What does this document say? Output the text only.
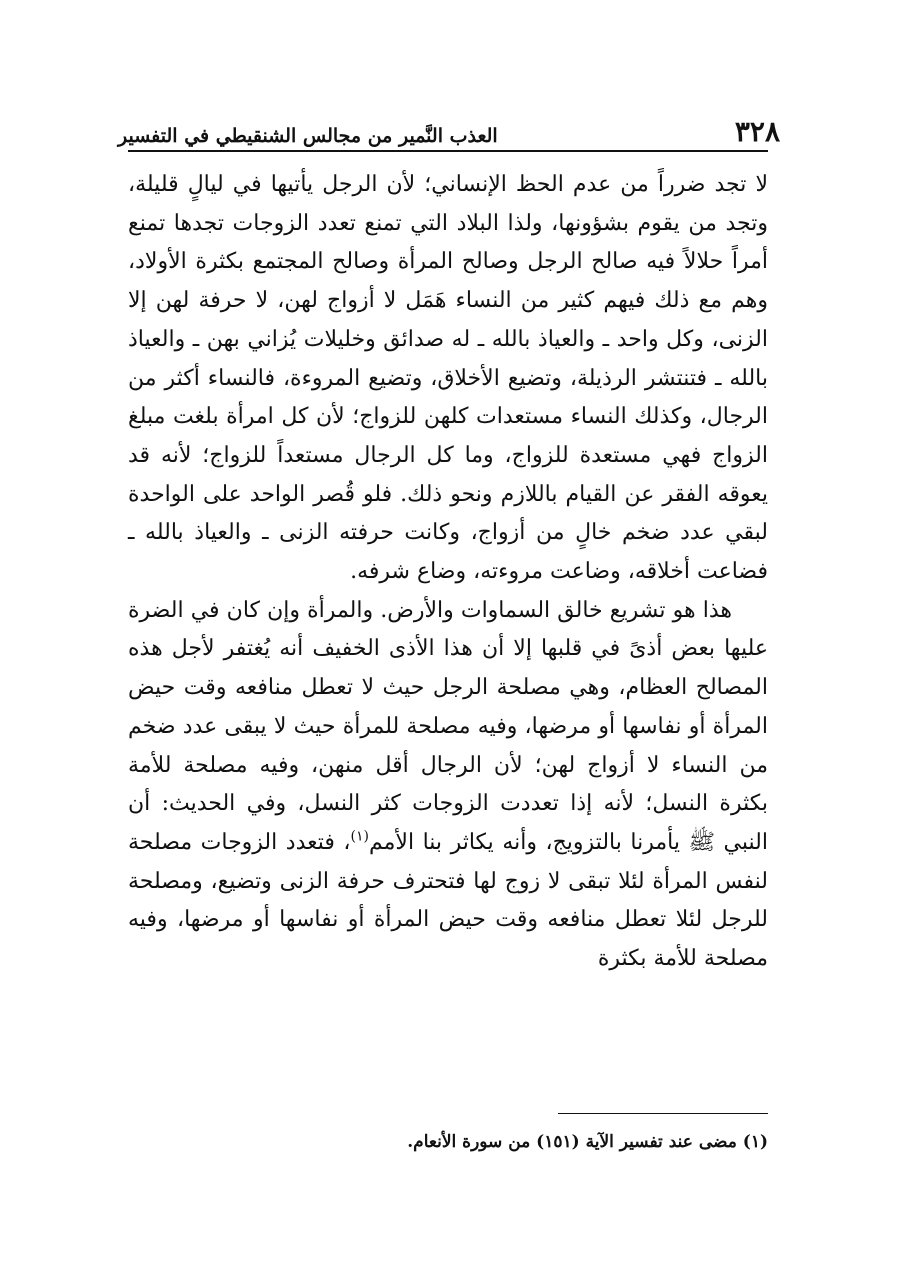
٣٢٨
العذب النَّمير من مجالس الشنقيطي في التفسير

لا تجد ضرراً من عدم الحظ الإنساني؛ لأن الرجل يأتيها في ليالٍ قليلة، وتجد من يقوم بشؤونها، ولذا البلاد التي تمنع تعدد الزوجات تجدها تمنع أمراً حلالاً فيه صالح الرجل وصالح المرأة وصالح المجتمع بكثرة الأولاد، وهم مع ذلك فيهم كثير من النساء هَمَل لا أزواج لهن، لا حرفة لهن إلا الزنى، وكل واحد ـ والعياذ بالله ـ له صدائق وخليلات يُزاني بهن ـ والعياذ بالله ـ فتنتشر الرذيلة، وتضيع الأخلاق، وتضيع المروءة، فالنساء أكثر من الرجال، وكذلك النساء مستعدات كلهن للزواج؛ لأن كل امرأة بلغت مبلغ الزواج فهي مستعدة للزواج، وما كل الرجال مستعداً للزواج؛ لأنه قد يعوقه الفقر عن القيام باللازم ونحو ذلك. فلو قُصر الواحد على الواحدة لبقي عدد ضخم خالٍ من أزواج، وكانت حرفته الزنى ـ والعياذ بالله ـ فضاعت أخلاقه، وضاعت مروءته، وضاع شرفه.

هذا هو تشريع خالق السماوات والأرض. والمرأة وإن كان في الضرة عليها بعض أذىً في قلبها إلا أن هذا الأذى الخفيف أنه يُغتفر لأجل هذه المصالح العظام، وهي مصلحة الرجل حيث لا تعطل منافعه وقت حيض المرأة أو نفاسها أو مرضها، وفيه مصلحة للمرأة حيث لا يبقى عدد ضخم من النساء لا أزواج لهن؛ لأن الرجال أقل منهن، وفيه مصلحة للأمة بكثرة النسل؛ لأنه إذا تعددت الزوجات كثر النسل، وفي الحديث: أن النبي ﷺ يأمرنا بالتزويج، وأنه يكاثر بنا الأمم$^{(١)}$، فتعدد الزوجات مصلحة لنفس المرأة لئلا تبقى لا زوج لها فتحترف حرفة الزنى وتضيع، ومصلحة للرجل لئلا تعطل منافعه وقت حيض المرأة أو نفاسها أو مرضها، وفيه مصلحة للأمة بكثرة

(١) مضى عند تفسير الآية (١٥١) من سورة الأنعام.
